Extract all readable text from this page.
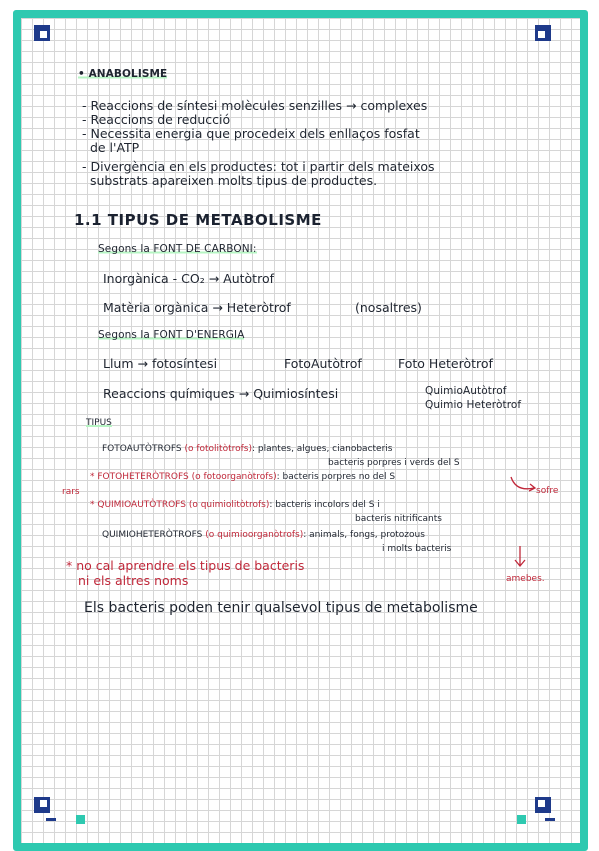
• ANABOLISME
- Reaccions de síntesi molècules senzilles → complexes
- Reaccions de reducció
- Necessita energia que procedeix dels enllaços fosfat
de l'ATP
- Divergència en els productes: tot i partir dels mateixos
substrats apareixen molts tipus de productes.
1.1 TIPUS DE METABOLISME
Segons la FONT DE CARBONI:
Inorgànica - CO₂ → Autòtrof
Matèria orgànica → Heteròtrof	(nosaltres)
Segons la FONT D'ENERGIA
Llum → fotosíntesi	FotoAutòtrof	Foto Heteròtrof
Reaccions químiques → Quimiosíntesi	QuimioAutòtrof
Quimio Heteròtrof
TIPUS
FOTOAUTÒTROFS (o fotolitòtrofs): plantes, algues, cianobacteris
bacteris porpres i verds del S
* FOTOHETERÒTROFS (o fotoorganòtrofs): bacteris porpres no del S
* QUIMIOAUTÒTROFS (o quimiolitòtrofs): bacteris incolors del S i
bacteris nitrificants
QUIMIOHETERÒTROFS (o quimioorganòtrofs): animals, fongs, protozous
i molts bacteris
rars	sofre
amebes.
* no cal aprendre els tipus de bacteris
ni els altres noms
Els bacteris poden tenir qualsevol tipus de metabolisme
